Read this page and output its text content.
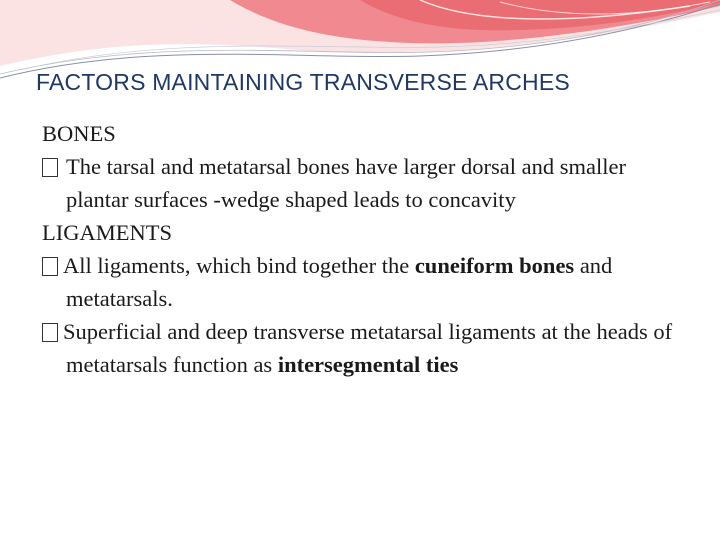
FACTORS MAINTAINING TRANSVERSE ARCHES
BONES
The tarsal and metatarsal bones have larger dorsal and smaller plantar surfaces -wedge shaped leads to concavity
LIGAMENTS
All ligaments, which bind together the cuneiform bones and metatarsals.
Superficial and deep transverse metatarsal ligaments at the heads of metatarsals function as intersegmental ties
